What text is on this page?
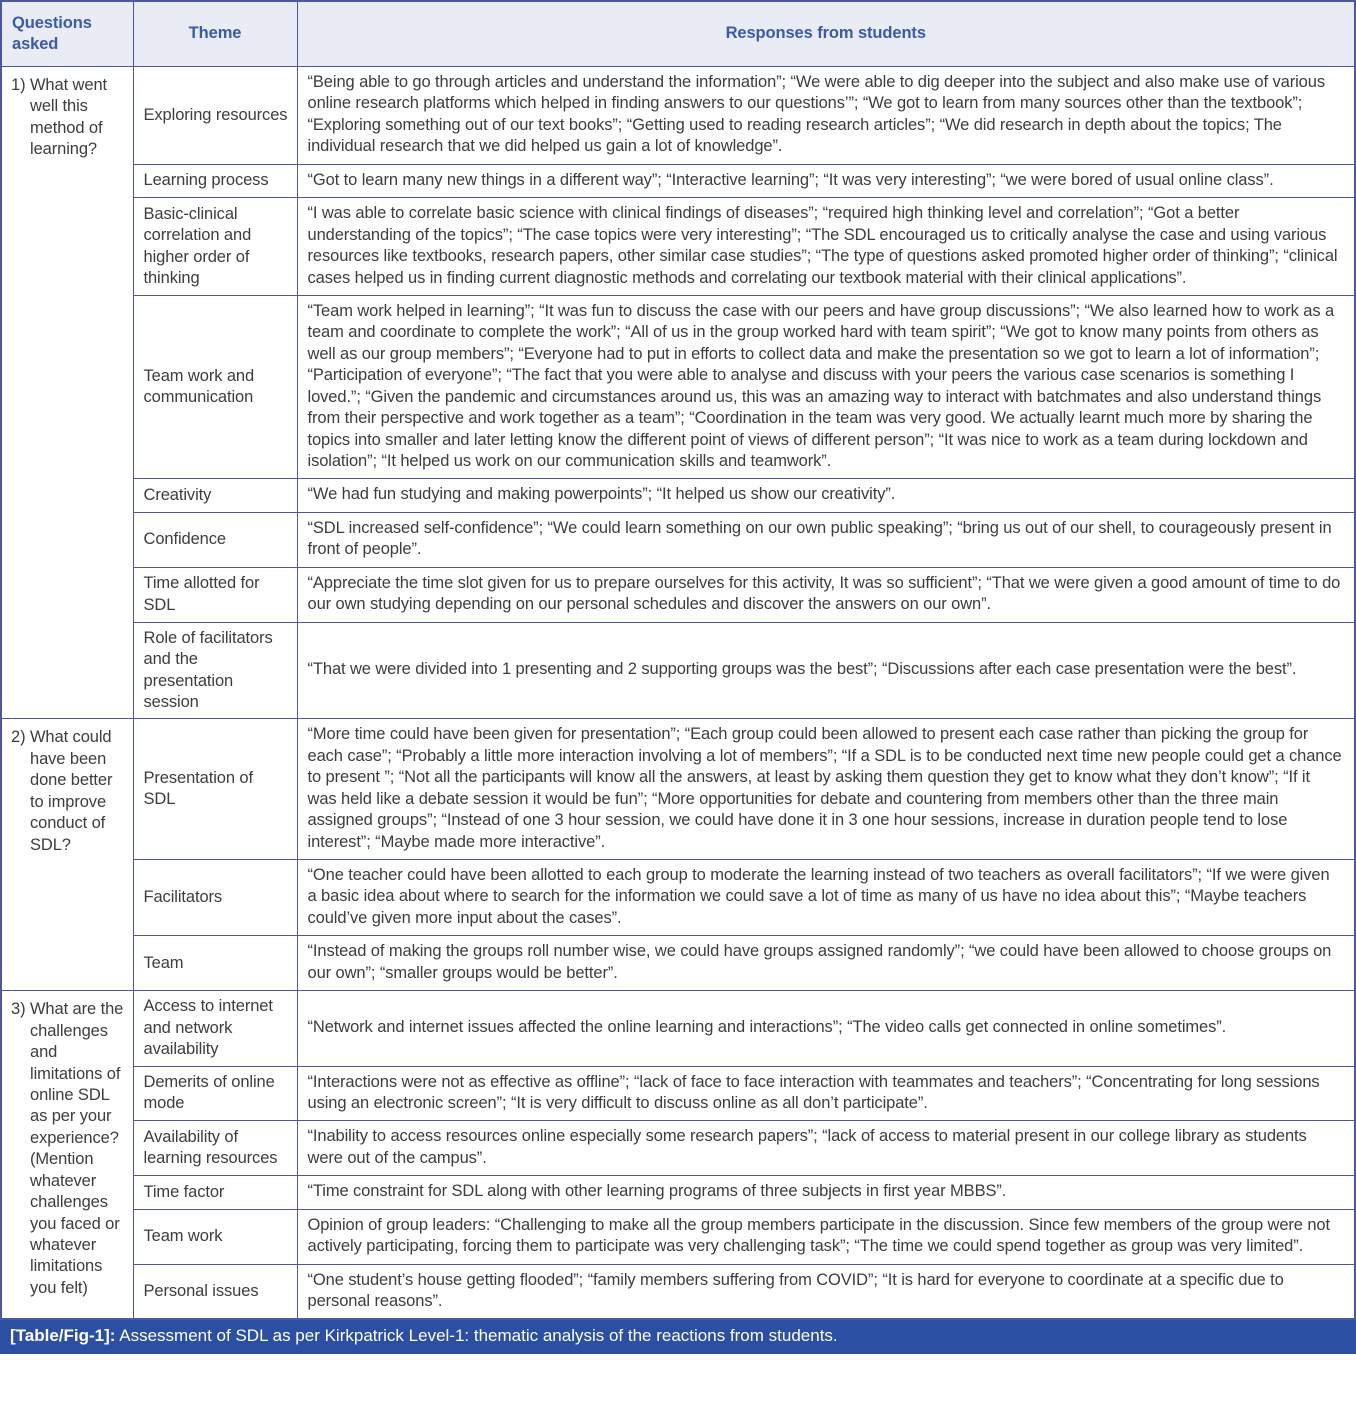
Questions asked	Theme	Responses from students
1) What went well this method of learning?	Exploring resources	“Being able to go through articles and understand the information”; “We were able to dig deeper into the subject and also make use of various online research platforms which helped in finding answers to our questions’”; “We got to learn from many sources other than the textbook”; “Exploring something out of our text books”; “Getting used to reading research articles”; “We did research in depth about the topics; The individual research that we did helped us gain a lot of knowledge”.
	Learning process	“Got to learn many new things in a different way”; “Interactive learning”; “It was very interesting”; “we were bored of usual online class”.
	Basic-clinical correlation and higher order of thinking	“I was able to correlate basic science with clinical findings of diseases”; “required high thinking level and correlation”; “Got a better understanding of the topics”; “The case topics were very interesting”; “The SDL encouraged us to critically analyse the case and using various resources like textbooks, research papers, other similar case studies”; “The type of questions asked promoted higher order of thinking”; “clinical cases helped us in finding current diagnostic methods and correlating our textbook material with their clinical applications”.
	Team work and communication	“Team work helped in learning”; “It was fun to discuss the case with our peers and have group discussions”; “We also learned how to work as a team and coordinate to complete the work”; “All of us in the group worked hard with team spirit”; “We got to know many points from others as well as our group members”; “Everyone had to put in efforts to collect data and make the presentation so we got to learn a lot of information”; “Participation of everyone”; “The fact that you were able to analyse and discuss with your peers the various case scenarios is something I loved.”; “Given the pandemic and circumstances around us, this was an amazing way to interact with batchmates and also understand things from their perspective and work together as a team”; “Coordination in the team was very good. We actually learnt much more by sharing the topics into smaller and later letting know the different point of views of different person”; “It was nice to work as a team during lockdown and isolation”; “It helped us work on our communication skills and teamwork”.
	Creativity	“We had fun studying and making powerpoints”; “It helped us show our creativity”.
	Confidence	“SDL increased self-confidence”; “We could learn something on our own public speaking”; “bring us out of our shell, to courageously present in front of people”.
	Time allotted for SDL	“Appreciate the time slot given for us to prepare ourselves for this activity, It was so sufficient”; “That we were given a good amount of time to do our own studying depending on our personal schedules and discover the answers on our own”.
	Role of facilitators and the presentation session	“That we were divided into 1 presenting and 2 supporting groups was the best”; “Discussions after each case presentation were the best”.
2) What could have been done better to improve conduct of SDL?	Presentation of SDL	“More time could have been given for presentation”; “Each group could been allowed to present each case rather than picking the group for each case”; “Probably a little more interaction involving a lot of members”; “If a SDL is to be conducted next time new people could get a chance to present ”; “Not all the participants will know all the answers, at least by asking them question they get to know what they don’t know”; “If it was held like a debate session it would be fun”; “More opportunities for debate and countering from members other than the three main assigned groups”; “Instead of one 3 hour session, we could have done it in 3 one hour sessions, increase in duration people tend to lose interest”; “Maybe made more interactive”.
	Facilitators	“One teacher could have been allotted to each group to moderate the learning instead of two teachers as overall facilitators”; “If we were given a basic idea about where to search for the information we could save a lot of time as many of us have no idea about this”; “Maybe teachers could’ve given more input about the cases”.
	Team	“Instead of making the groups roll number wise, we could have groups assigned randomly”; “we could have been allowed to choose groups on our own”; “smaller groups would be better”.
3) What are the challenges and limitations of online SDL as per your experience? (Mention whatever challenges you faced or whatever limitations you felt)	Access to internet and network availability	“Network and internet issues affected the online learning and interactions”; “The video calls get connected in online sometimes”.
	Demerits of online mode	“Interactions were not as effective as offline”; “lack of face to face interaction with teammates and teachers”; “Concentrating for long sessions using an electronic screen”; “It is very difficult to discuss online as all don’t participate”.
	Availability of learning resources	“Inability to access resources online especially some research papers”; “lack of access to material present in our college library as students were out of the campus”.
	Time factor	“Time constraint for SDL along with other learning programs of three subjects in first year MBBS”.
	Team work	Opinion of group leaders: “Challenging to make all the group members participate in the discussion. Since few members of the group were not actively participating, forcing them to participate was very challenging task”; “The time we could spend together as group was very limited”.
	Personal issues	“One student’s house getting flooded”; “family members suffering from COVID”; “It is hard for everyone to coordinate at a specific due to personal reasons”.
[Table/Fig-1]: Assessment of SDL as per Kirkpatrick Level-1: thematic analysis of the reactions from students.
